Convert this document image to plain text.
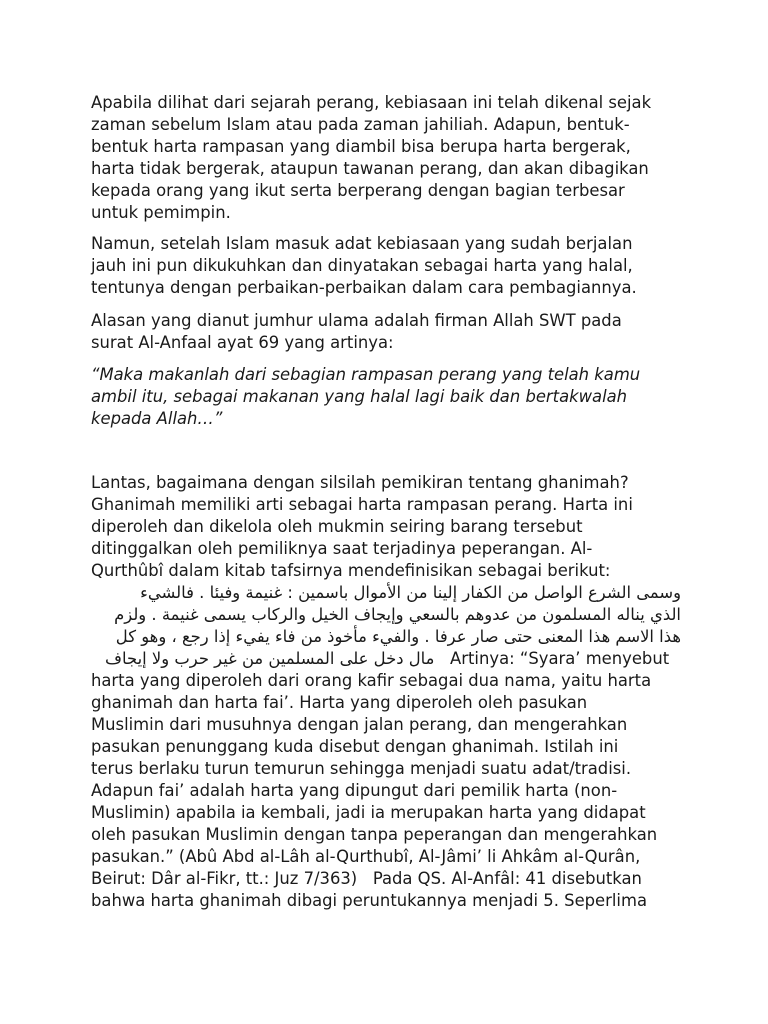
Apabila dilihat dari sejarah perang, kebiasaan ini telah dikenal sejak
zaman sebelum Islam atau pada zaman jahiliah. Adapun, bentuk-
bentuk harta rampasan yang diambil bisa berupa harta bergerak,
harta tidak bergerak, ataupun tawanan perang, dan akan dibagikan
kepada orang yang ikut serta berperang dengan bagian terbesar
untuk pemimpin.
Namun, setelah Islam masuk adat kebiasaan yang sudah berjalan
jauh ini pun dikukuhkan dan dinyatakan sebagai harta yang halal,
tentunya dengan perbaikan-perbaikan dalam cara pembagiannya.
Alasan yang dianut jumhur ulama adalah firman Allah SWT pada
surat Al-Anfaal ayat 69 yang artinya:
“Maka makanlah dari sebagian rampasan perang yang telah kamu
ambil itu, sebagai makanan yang halal lagi baik dan bertakwalah
kepada Allah…”
Lantas, bagaimana dengan silsilah pemikiran tentang ghanimah?
Ghanimah memiliki arti sebagai harta rampasan perang. Harta ini
diperoleh dan dikelola oleh mukmin seiring barang tersebut
ditinggalkan oleh pemiliknya saat terjadinya peperangan. Al-
Qurthûbî dalam kitab tafsirnya mendefinisikan sebagai berikut:
وسمى الشرع الواصل من الكفار إلينا من الأموال باسمين : غنيمة وفيئا . فالشيء
الذي يناله المسلمون من عدوهم بالسعي وإيجاف الخيل والركاب يسمى غنيمة . ولزم
هذا الاسم هذا المعنى حتى صار عرفا . والفيء مأخوذ من فاء يفيء إذا رجع ، وهو كل
مال دخل على المسلمين من غير حرب ولا إيجاف   Artinya: “Syara’ menyebut
harta yang diperoleh dari orang kafir sebagai dua nama, yaitu harta
ghanimah dan harta fai’. Harta yang diperoleh oleh pasukan
Muslimin dari musuhnya dengan jalan perang, dan mengerahkan
pasukan penunggang kuda disebut dengan ghanimah. Istilah ini
terus berlaku turun temurun sehingga menjadi suatu adat/tradisi.
Adapun fai’ adalah harta yang dipungut dari pemilik harta (non-
Muslimin) apabila ia kembali, jadi ia merupakan harta yang didapat
oleh pasukan Muslimin dengan tanpa peperangan dan mengerahkan
pasukan.” (Abû Abd al-Lâh al-Qurthubî, Al-Jâmi’ li Ahkâm al-Qurân,
Beirut: Dâr al-Fikr, tt.: Juz 7/363)   Pada QS. Al-Anfâl: 41 disebutkan
bahwa harta ghanimah dibagi peruntukannya menjadi 5. Seperlima
